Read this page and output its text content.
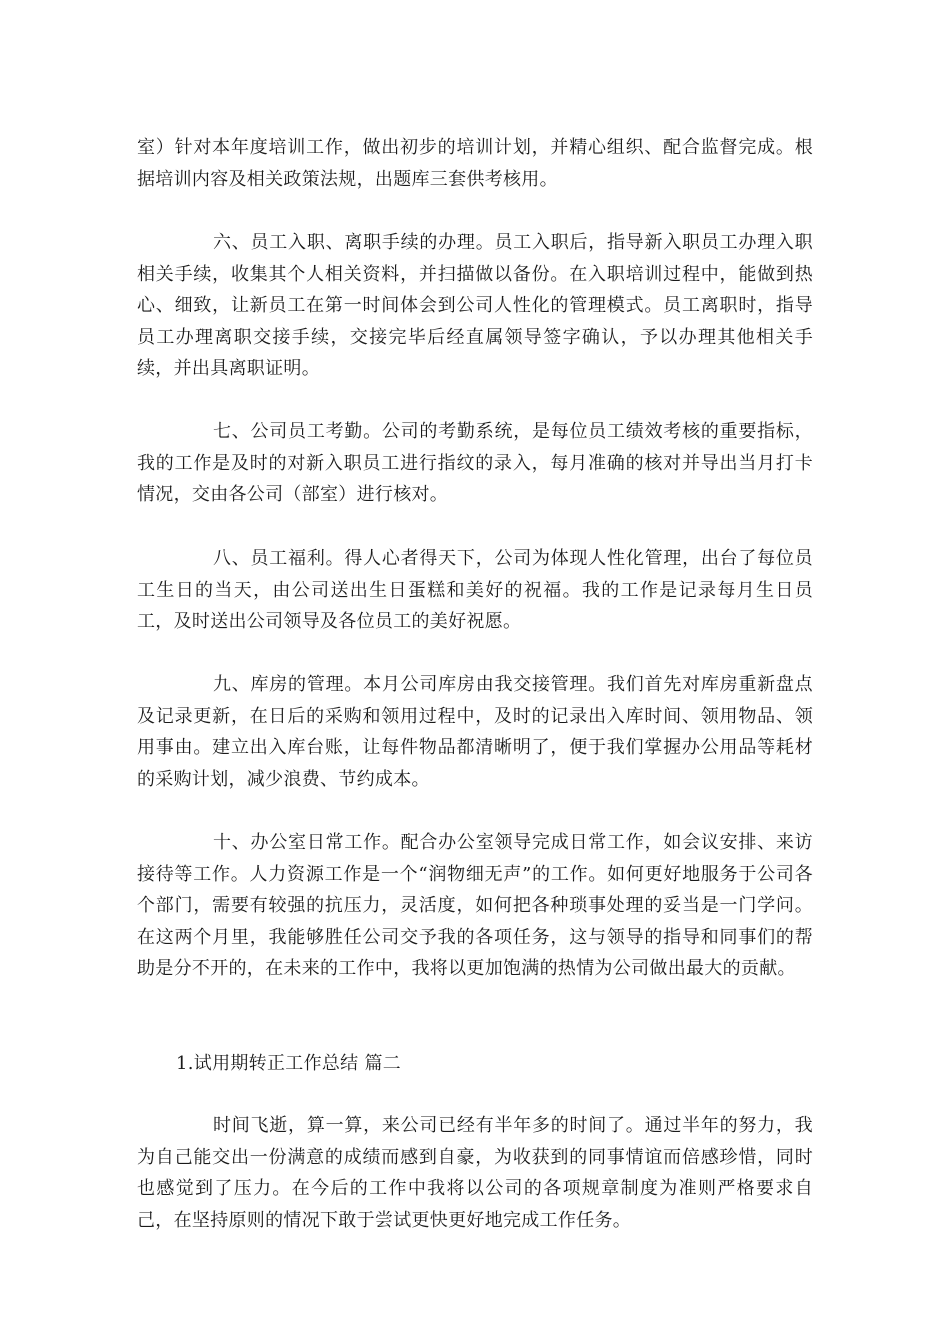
室）针对本年度培训工作，做出初步的培训计划，并精心组织、配合监督完成。根据培训内容及相关政策法规，出题库三套供考核用。

六、员工入职、离职手续的办理。员工入职后，指导新入职员工办理入职相关手续，收集其个人相关资料，并扫描做以备份。在入职培训过程中，能做到热心、细致，让新员工在第一时间体会到公司人性化的管理模式。员工离职时，指导员工办理离职交接手续，交接完毕后经直属领导签字确认，予以办理其他相关手续，并出具离职证明。

七、公司员工考勤。公司的考勤系统，是每位员工绩效考核的重要指标，我的工作是及时的对新入职员工进行指纹的录入，每月准确的核对并导出当月打卡情况，交由各公司（部室）进行核对。

八、员工福利。得人心者得天下，公司为体现人性化管理，出台了每位员工生日的当天，由公司送出生日蛋糕和美好的祝福。我的工作是记录每月生日员工，及时送出公司领导及各位员工的美好祝愿。

九、库房的管理。本月公司库房由我交接管理。我们首先对库房重新盘点及记录更新，在日后的采购和领用过程中，及时的记录出入库时间、领用物品、领用事由。建立出入库台账，让每件物品都清晰明了，便于我们掌握办公用品等耗材的采购计划，减少浪费、节约成本。

十、办公室日常工作。配合办公室领导完成日常工作，如会议安排、来访接待等工作。人力资源工作是一个“润物细无声”的工作。如何更好地服务于公司各个部门，需要有较强的抗压力，灵活度，如何把各种琐事处理的妥当是一门学问。在这两个月里，我能够胜任公司交予我的各项任务，这与领导的指导和同事们的帮助是分不开的，在未来的工作中，我将以更加饱满的热情为公司做出最大的贡献。

1.试用期转正工作总结 篇二

时间飞逝，算一算，来公司已经有半年多的时间了。通过半年的努力，我为自己能交出一份满意的成绩而感到自豪，为收获到的同事情谊而倍感珍惜，同时也感觉到了压力。在今后的工作中我将以公司的各项规章制度为准则严格要求自己，在坚持原则的情况下敢于尝试更快更好地完成工作任务。
